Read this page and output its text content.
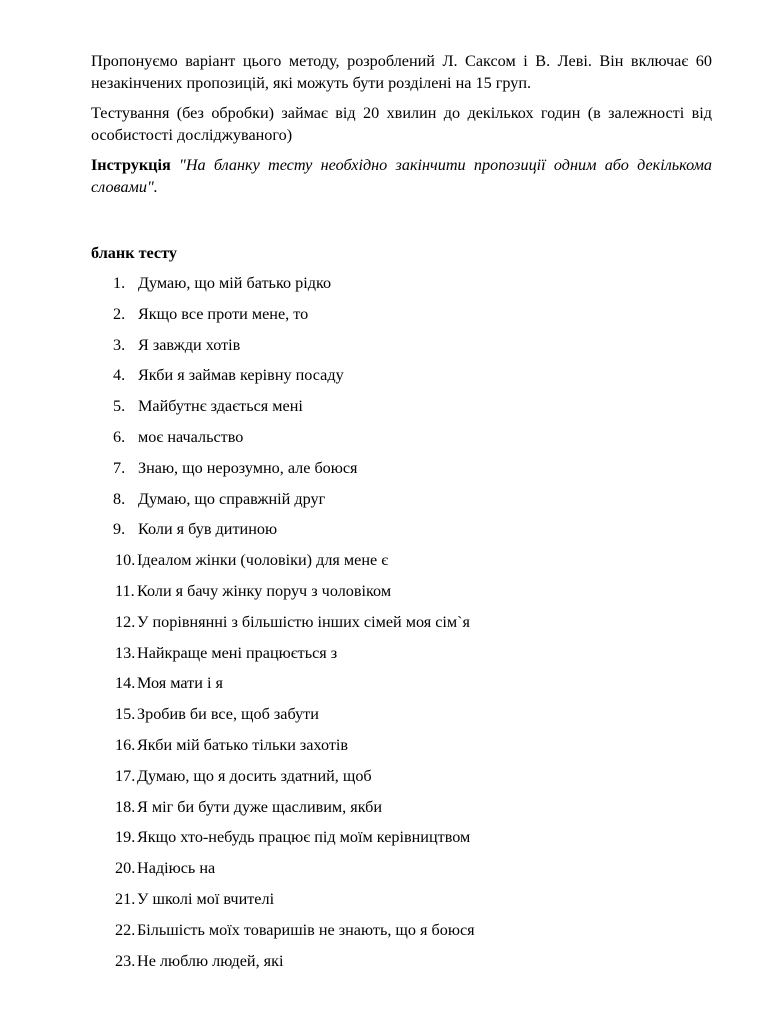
Пропонуємо варіант цього методу, розроблений Л. Саксом і В. Леві. Він включає 60 незакінчених пропозицій, які можуть бути розділені на 15 груп.

Тестування (без обробки) займає від 20 хвилин до декількох годин (в залежності від особистості досліджуваного)

Інструкція "На бланку тесту необхідно закінчити пропозиції одним або декількома словами".

бланк тесту
1. Думаю, що мій батько рідко
2. Якщо все проти мене, то
3. Я завжди хотів
4. Якби я займав керівну посаду
5. Майбутнє здається мені
6. моє начальство
7. Знаю, що нерозумно, але боюся
8. Думаю, що справжній друг
9. Коли я був дитиною
10. Ідеалом жінки (чоловіки) для мене є
11. Коли я бачу жінку поруч з чоловіком
12. У порівнянні з більшістю інших сімей моя сім`я
13. Найкраще мені працюється з
14. Моя мати і я
15. Зробив би все, щоб забути
16. Якби мій батько тільки захотів
17. Думаю, що я досить здатний, щоб
18. Я міг би бути дуже щасливим, якби
19. Якщо хто-небудь працює під моїм керівництвом
20. Надіюсь на
21. У школі мої вчителі
22. Більшість моїх товаришів не знають, що я боюся
23. Не люблю людей, які
